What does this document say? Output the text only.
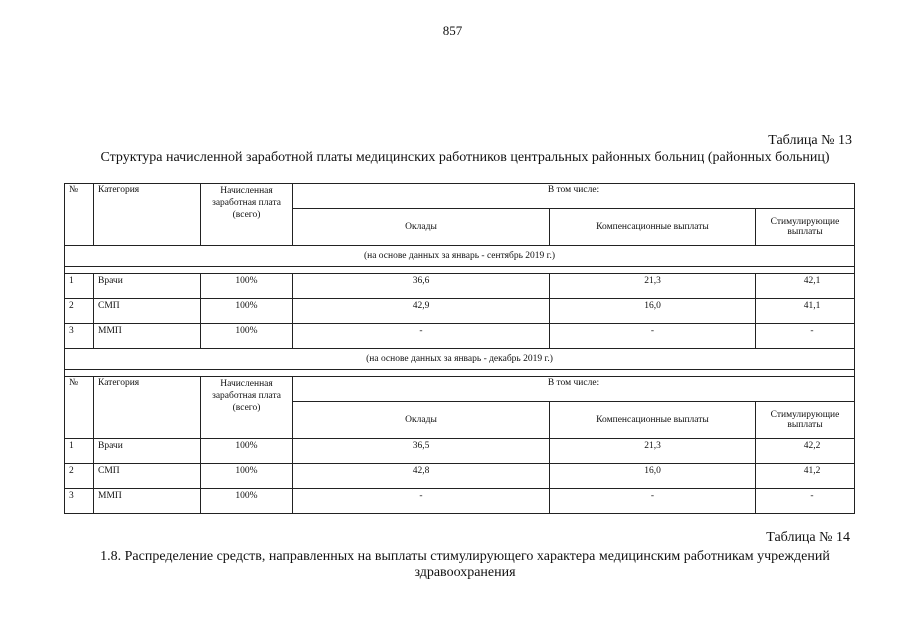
857
Таблица № 13
Структура начисленной заработной платы медицинских работников центральных районных больниц (районных больниц)
№	Категория	Начисленная заработная плата (всего)	В том числе:		
			Оклады	Компенсационные выплаты	Стимулирующие выплаты
(на основе данных за январь - сентябрь 2019 г.)					

1	Врачи	100%	36,6	21,3	42,1
2	СМП	100%	42,9	16,0	41,1
3	ММП	100%	-	-	-
(на основе данных за январь - декабрь 2019 г.)					

№	Категория	Начисленная заработная плата (всего)	В том числе:		
			Оклады	Компенсационные выплаты	Стимулирующие выплаты
1	Врачи	100%	36,5	21,3	42,2
2	СМП	100%	42,8	16,0	41,2
3	ММП	100%	-	-	-
Таблица № 14
1.8. Распределение средств, направленных на выплаты стимулирующего характера медицинским работникам учреждений здравоохранения
